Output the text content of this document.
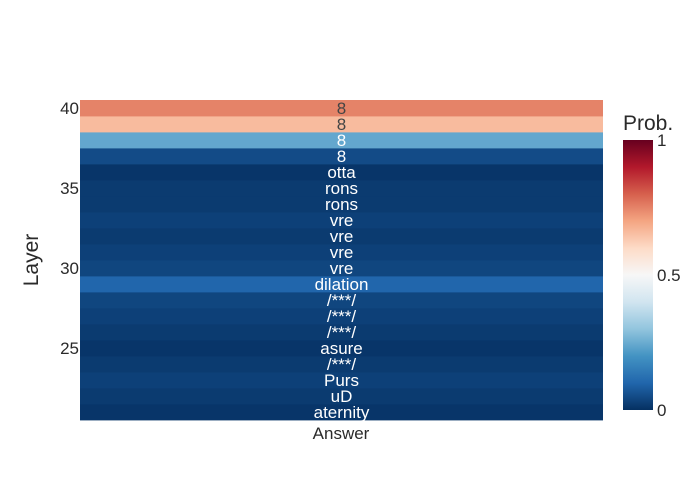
aternity
uD
Purs
/***/
asure
/***/
/***/
/***/
dilation
vre
vre
vre
vre
rons
rons
otta
8
8
8
8
25
30
35
40
Answer
Layer
Prob.
0
0.5
1
